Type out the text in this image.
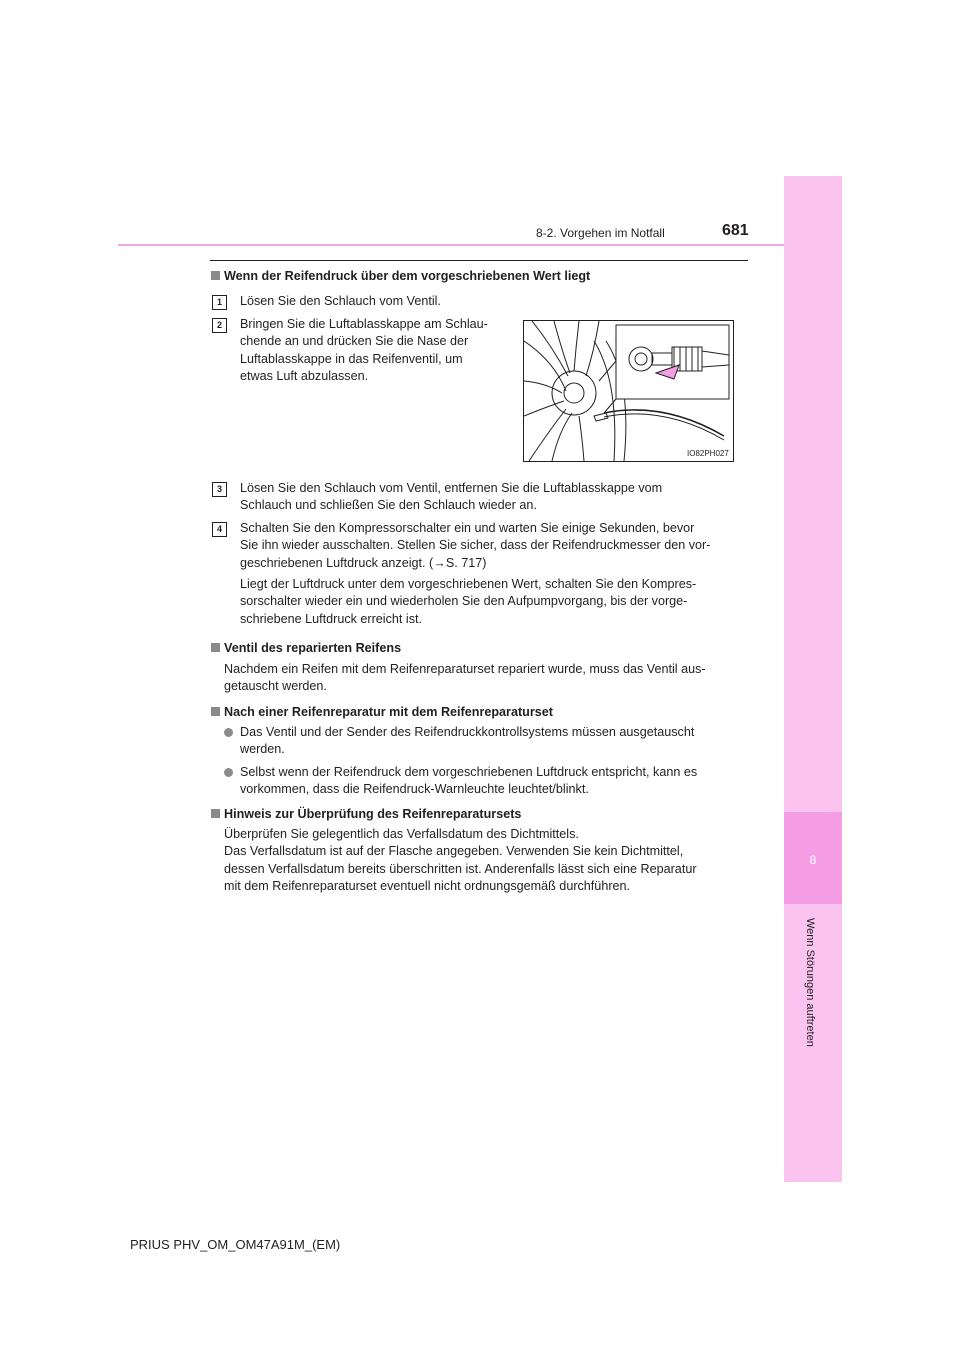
8
Wenn Störungen auftreten
8-2. Vorgehen im Notfall	681
Wenn der Reifendruck über dem vorgeschriebenen Wert liegt
1	Lösen Sie den Schlauch vom Ventil.
2	Bringen Sie die Luftablasskappe am Schlau-
chende an und drücken Sie die Nase der
Luftablasskappe in das Reifenventil, um
etwas Luft abzulassen.
IO82PH027
3	Lösen Sie den Schlauch vom Ventil, entfernen Sie die Luftablasskappe vom
Schlauch und schließen Sie den Schlauch wieder an.
4	Schalten Sie den Kompressorschalter ein und warten Sie einige Sekunden, bevor
Sie ihn wieder ausschalten. Stellen Sie sicher, dass der Reifendruckmesser den vor-
geschriebenen Luftdruck anzeigt. (→S. 717)
Liegt der Luftdruck unter dem vorgeschriebenen Wert, schalten Sie den Kompres-
sorschalter wieder ein und wiederholen Sie den Aufpumpvorgang, bis der vorge-
schriebene Luftdruck erreicht ist.
Ventil des reparierten Reifens
Nachdem ein Reifen mit dem Reifenreparaturset repariert wurde, muss das Ventil aus-
getauscht werden.
Nach einer Reifenreparatur mit dem Reifenreparaturset
Das Ventil und der Sender des Reifendruckkontrollsystems müssen ausgetauscht
werden.
Selbst wenn der Reifendruck dem vorgeschriebenen Luftdruck entspricht, kann es
vorkommen, dass die Reifendruck-Warnleuchte leuchtet/blinkt.
Hinweis zur Überprüfung des Reifenreparatursets
Überprüfen Sie gelegentlich das Verfallsdatum des Dichtmittels.
Das Verfallsdatum ist auf der Flasche angegeben. Verwenden Sie kein Dichtmittel,
dessen Verfallsdatum bereits überschritten ist. Anderenfalls lässt sich eine Reparatur
mit dem Reifenreparaturset eventuell nicht ordnungsgemäß durchführen.
PRIUS PHV_OM_OM47A91M_(EM)
